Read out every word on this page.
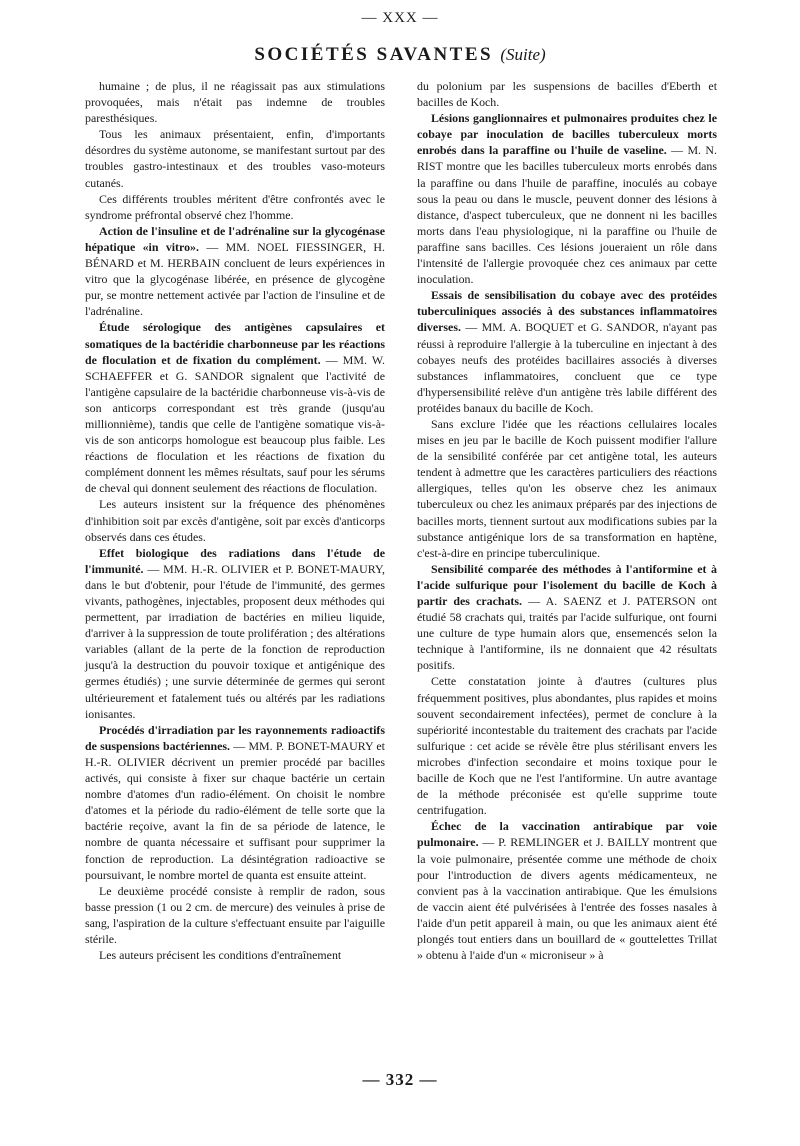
— XXX —
SOCIÉTÉS SAVANTES (Suite)

humaine ; de plus, il ne réagissait pas aux stimulations provoquées, mais n'était pas indemne de troubles paresthésiques.

Tous les animaux présentaient, enfin, d'importants désordres du système autonome, se manifestant surtout par des troubles gastro-intestinaux et des troubles vaso-moteurs cutanés.

Ces différents troubles méritent d'être confrontés avec le syndrome préfrontal observé chez l'homme.

Action de l'insuline et de l'adrénaline sur la glycogénase hépatique «in vitro». — MM. NOEL FIESSINGER, H. BÉNARD et M. HERBAIN concluent de leurs expériences in vitro que la glycogénase libérée, en présence de glycogène pur, se montre nettement activée par l'action de l'insuline et de l'adrénaline.

Étude sérologique des antigènes capsulaires et somatiques de la bactéridie charbonneuse par les réactions de floculation et de fixation du complément. — MM. W. SCHAEFFER et G. SANDOR signalent que l'activité de l'antigène capsulaire de la bactéridie charbonneuse vis-à-vis de son anticorps correspondant est très grande (jusqu'au millionnième), tandis que celle de l'antigène somatique vis-à-vis de son anticorps homologue est beaucoup plus faible. Les réactions de floculation et les réactions de fixation du complément donnent les mêmes résultats, sauf pour les sérums de cheval qui donnent seulement des réactions de floculation.

Les auteurs insistent sur la fréquence des phénomènes d'inhibition soit par excès d'antigène, soit par excès d'anticorps observés dans ces études.

Effet biologique des radiations dans l'étude de l'immunité. — MM. H.-R. OLIVIER et P. BONET-MAURY, dans le but d'obtenir, pour l'étude de l'immunité, des germes vivants, pathogènes, injectables, proposent deux méthodes qui permettent, par irradiation de bactéries en milieu liquide, d'arriver à la suppression de toute prolifération ; des altérations variables (allant de la perte de la fonction de reproduction jusqu'à la destruction du pouvoir toxique et antigénique des germes étudiés) ; une survie déterminée de germes qui seront ultérieurement et fatalement tués ou altérés par les radiations ionisantes.

Procédés d'irradiation par les rayonnements radioactifs de suspensions bactériennes. — MM. P. BONET-MAURY et H.-R. OLIVIER décrivent un premier procédé par bacilles activés, qui consiste à fixer sur chaque bactérie un certain nombre d'atomes d'un radio-élément. On choisit le nombre d'atomes et la période du radio-élément de telle sorte que la bactérie reçoive, avant la fin de sa période de latence, le nombre de quanta nécessaire et suffisant pour supprimer la fonction de reproduction. La désintégration radioactive se poursuivant, le nombre mortel de quanta est ensuite atteint.

Le deuxième procédé consiste à remplir de radon, sous basse pression (1 ou 2 cm. de mercure) des veinules à prise de sang, l'aspiration de la culture s'effectuant ensuite par l'aiguille stérile.

Les auteurs précisent les conditions d'entraînement

du polonium par les suspensions de bacilles d'Eberth et bacilles de Koch.

Lésions ganglionnaires et pulmonaires produites chez le cobaye par inoculation de bacilles tuberculeux morts enrobés dans la paraffine ou l'huile de vaseline. — M. N. RIST montre que les bacilles tuberculeux morts enrobés dans la paraffine ou dans l'huile de paraffine, inoculés au cobaye sous la peau ou dans le muscle, peuvent donner des lésions à distance, d'aspect tuberculeux, que ne donnent ni les bacilles morts dans l'eau physiologique, ni la paraffine ou l'huile de paraffine sans bacilles. Ces lésions joueraient un rôle dans l'intensité de l'allergie provoquée chez ces animaux par cette inoculation.

Essais de sensibilisation du cobaye avec des protéides tuberculiniques associés à des substances inflammatoires diverses. — MM. A. BOQUET et G. SANDOR, n'ayant pas réussi à reproduire l'allergie à la tuberculine en injectant à des cobayes neufs des protéides bacillaires associés à diverses substances inflammatoires, concluent que ce type d'hypersensibilité relève d'un antigène très labile différent des protéides banaux du bacille de Koch.

Sans exclure l'idée que les réactions cellulaires locales mises en jeu par le bacille de Koch puissent modifier l'allure de la sensibilité conférée par cet antigène total, les auteurs tendent à admettre que les caractères particuliers des réactions allergiques, telles qu'on les observe chez les animaux tuberculeux ou chez les animaux préparés par des injections de bacilles morts, tiennent surtout aux modifications subies par la substance antigénique lors de sa transformation en haptène, c'est-à-dire en principe tuberculinique.

Sensibilité comparée des méthodes à l'antiformine et à l'acide sulfurique pour l'isolement du bacille de Koch à partir des crachats. — A. SAENZ et J. PATERSON ont étudié 58 crachats qui, traités par l'acide sulfurique, ont fourni une culture de type humain alors que, ensemencés selon la technique à l'antiformine, ils ne donnaient que 42 résultats positifs.

Cette constatation jointe à d'autres (cultures plus fréquemment positives, plus abondantes, plus rapides et moins souvent secondairement infectées), permet de conclure à la supériorité incontestable du traitement des crachats par l'acide sulfurique : cet acide se révèle être plus stérilisant envers les microbes d'infection secondaire et moins toxique pour le bacille de Koch que ne l'est l'antiformine. Un autre avantage de la méthode préconisée est qu'elle supprime toute centrifugation.

Échec de la vaccination antirabique par voie pulmonaire. — P. REMLINGER et J. BAILLY montrent que la voie pulmonaire, présentée comme une méthode de choix pour l'introduction de divers agents médicamenteux, ne convient pas à la vaccination antirabique. Que les émulsions de vaccin aient été pulvérisées à l'entrée des fosses nasales à l'aide d'un petit appareil à main, ou que les animaux aient été plongés tout entiers dans un bouillard de « gouttelettes Trillat » obtenu à l'aide d'un « microniseur » à

— 332 —
